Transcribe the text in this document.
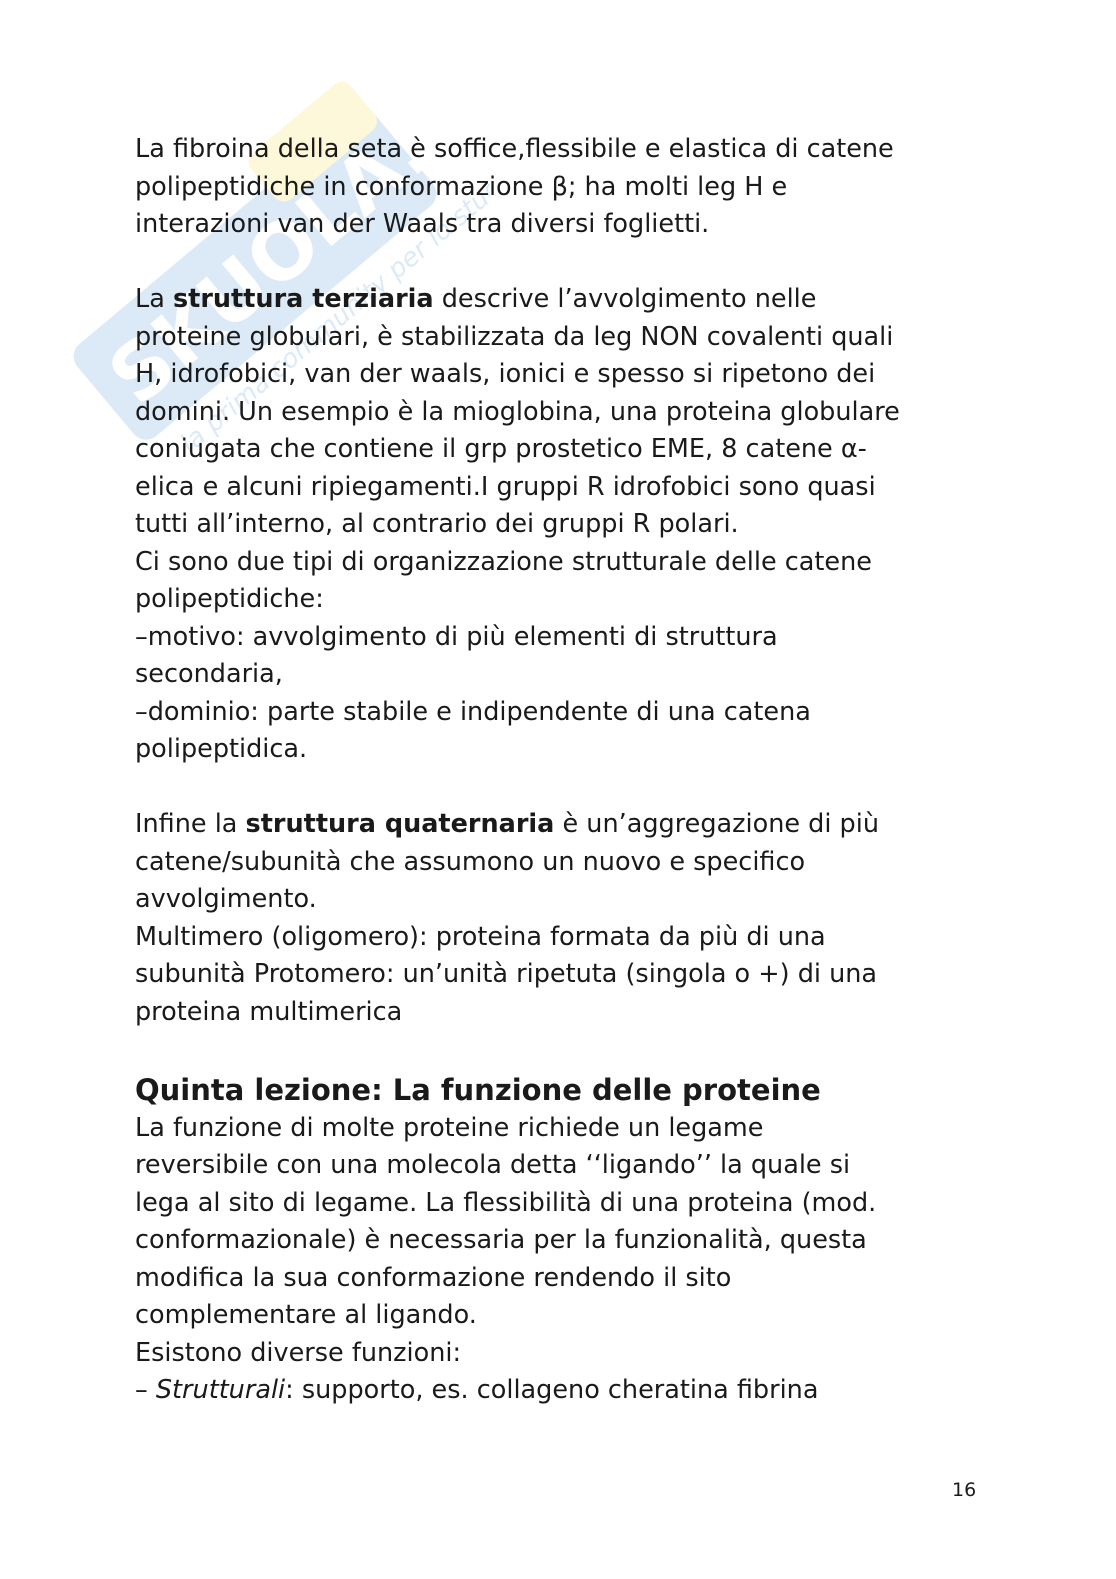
SKUOLA.net
la prima community per lo studente

La fibroina della seta è soffice,flessibile e elastica di catene

polipeptidiche in conformazione β; ha molti leg H e

interazioni van der Waals tra diversi foglietti.

La struttura terziaria descrive l’avvolgimento nelle

proteine globulari, è stabilizzata da leg NON covalenti quali

H, idrofobici, van der waals, ionici e spesso si ripetono dei

domini. Un esempio è la mioglobina, una proteina globulare

coniugata che contiene il grp prostetico EME, 8 catene α-

elica e alcuni ripiegamenti.I gruppi R idrofobici sono quasi

tutti all’interno, al contrario dei gruppi R polari.

Ci sono due tipi di organizzazione strutturale delle catene

polipeptidiche:

–motivo: avvolgimento di più elementi di struttura

secondaria,

–dominio: parte stabile e indipendente di una catena

polipeptidica.

Infine la struttura quaternaria è un’aggregazione di più

catene/subunità che assumono un nuovo e specifico

avvolgimento.

Multimero (oligomero): proteina formata da più di una

subunità Protomero: un’unità ripetuta (singola o +) di una

proteina multimerica

Quinta lezione: La funzione delle proteine

La funzione di molte proteine richiede un legame

reversibile con una molecola detta ‘‘ligando’’ la quale si

lega al sito di legame. La flessibilità di una proteina (mod.

conformazionale) è necessaria per la funzionalità, questa

modifica la sua conformazione rendendo il sito

complementare al ligando.

Esistono diverse funzioni:

– Strutturali: supporto, es. collageno cheratina fibrina

16
